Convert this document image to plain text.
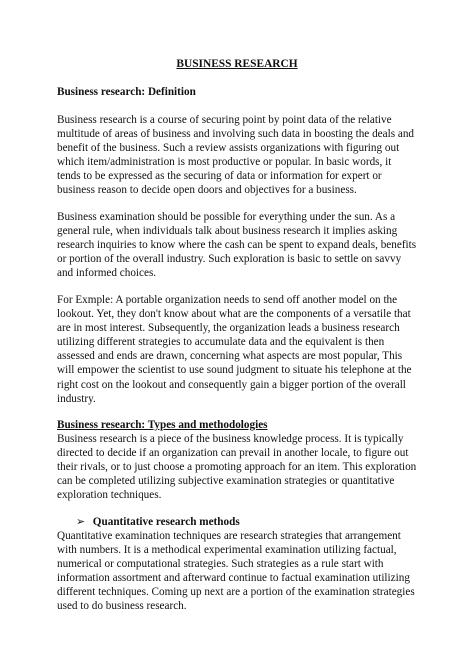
BUSINESS RESEARCH
Business research: Definition
Business research is a course of securing point by point data of the relative
multitude of areas of business and involving such data in boosting the deals and
benefit of the business. Such a review assists organizations with figuring out
which item/administration is most productive or popular. In basic words, it
tends to be expressed as the securing of data or information for expert or
business reason to decide open doors and objectives for a business.
Business examination should be possible for everything under the sun. As a
general rule, when individuals talk about business research it implies asking
research inquiries to know where the cash can be spent to expand deals, benefits
or portion of the overall industry. Such exploration is basic to settle on savvy
and informed choices.
For Exmple: A portable organization needs to send off another model on the
lookout. Yet, they don't know about what are the components of a versatile that
are in most interest. Subsequently, the organization leads a business research
utilizing different strategies to accumulate data and the equivalent is then
assessed and ends are drawn, concerning what aspects are most popular, This
will empower the scientist to use sound judgment to situate his telephone at the
right cost on the lookout and consequently gain a bigger portion of the overall
industry.
Business research: Types and methodologies
Business research is a piece of the business knowledge process. It is typically
directed to decide if an organization can prevail in another locale, to figure out
their rivals, or to just choose a promoting approach for an item. This exploration
can be completed utilizing subjective examination strategies or quantitative
exploration techniques.
➢ Quantitative research methods
Quantitative examination techniques are research strategies that arrangement
with numbers. It is a methodical experimental examination utilizing factual,
numerical or computational strategies. Such strategies as a rule start with
information assortment and afterward continue to factual examination utilizing
different techniques. Coming up next are a portion of the examination strategies
used to do business research.
